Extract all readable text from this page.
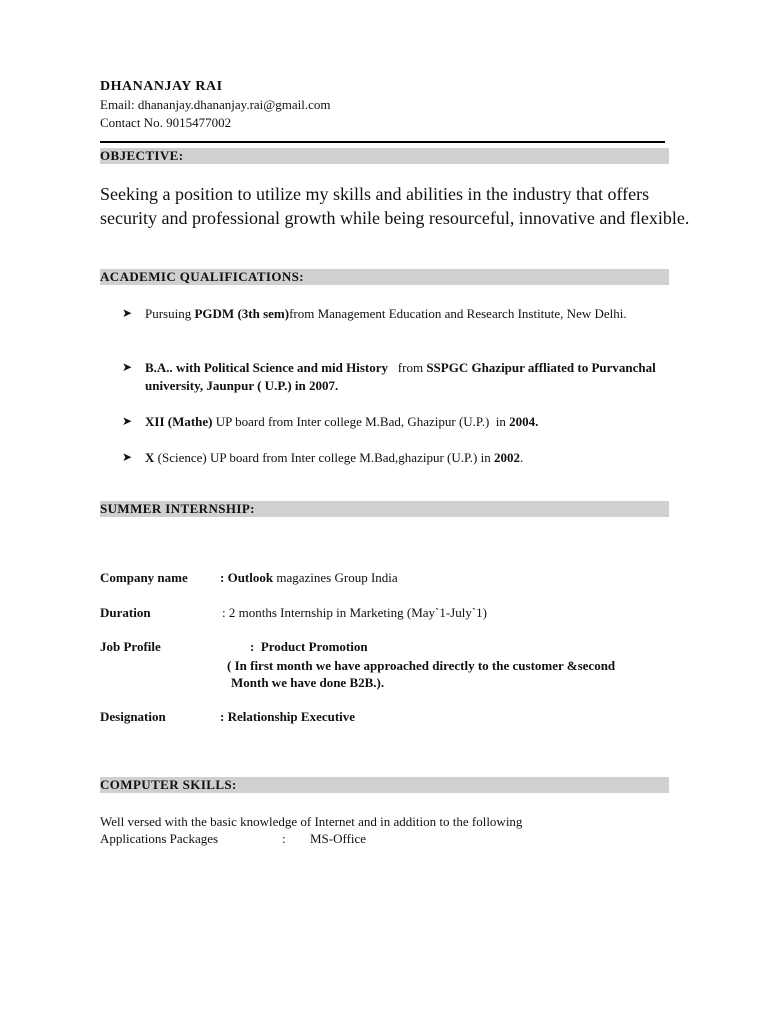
DHANANJAY RAI
Email: dhananjay.dhananjay.rai@gmail.com
Contact No. 9015477002
OBJECTIVE:
Seeking a position to utilize my skills and abilities in the industry that offers security and professional growth while being resourceful, innovative and flexible.
ACADEMIC QUALIFICATIONS:
➤ Pursuing PGDM (3th sem)from Management Education and Research Institute, New Delhi.
➤ B.A.. with Political Science and mid History   from SSPGC Ghazipur affliated to Purvanchal university, Jaunpur ( U.P.) in 2007.
➤ XII (Mathe) UP board from Inter college M.Bad, Ghazipur (U.P.)  in 2004.
➤ X (Science) UP board from Inter college M.Bad,ghazipur (U.P.) in 2002.
SUMMER INTERNSHIP:
Company name : Outlook magazines Group India
Duration	: 2 months Internship in Marketing (May`1-July`1)
Job Profile	:  Product Promotion
( In first month we have approached directly to the customer &second
Month we have done B2B.).
Designation	: Relationship Executive
COMPUTER SKILLS:
Well versed with the basic knowledge of Internet and in addition to the following
Applications Packages	: MS-Office
